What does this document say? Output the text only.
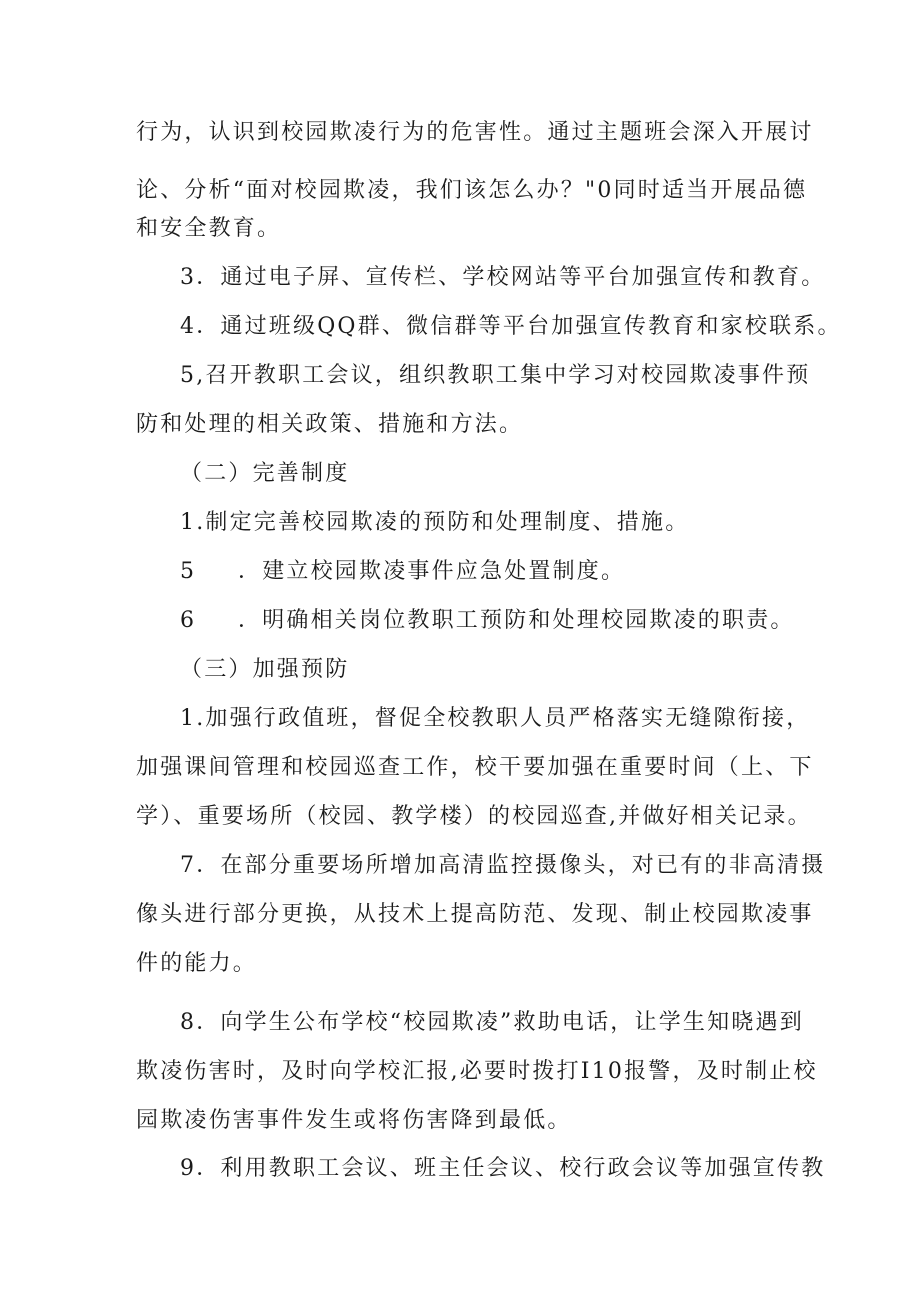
行为，认识到校园欺凌行为的危害性。通过主题班会深入开展讨
论、分析“面对校园欺凌，我们该怎么办？"0同时适当开展品德
和安全教育。
3．通过电子屏、宣传栏、学校网站等平台加强宣传和教育。
4．通过班级QQ群、微信群等平台加强宣传教育和家校联系。
5,召开教职工会议，组织教职工集中学习对校园欺凌事件预
防和处理的相关政策、措施和方法。
（二）完善制度
1.制定完善校园欺凌的预防和处理制度、措施。
5 ．建立校园欺凌事件应急处置制度。
6 ．明确相关岗位教职工预防和处理校园欺凌的职责。
（三）加强预防
1.加强行政值班，督促全校教职人员严格落实无缝隙衔接，
加强课间管理和校园巡查工作，校干要加强在重要时间（上、下
学）、重要场所（校园、教学楼）的校园巡查,并做好相关记录。
7．在部分重要场所增加高清监控摄像头，对已有的非高清摄
像头进行部分更换，从技术上提高防范、发现、制止校园欺凌事
件的能力。
8．向学生公布学校“校园欺凌”救助电话，让学生知晓遇到
欺凌伤害时，及时向学校汇报,必要时拨打I10报警，及时制止校
园欺凌伤害事件发生或将伤害降到最低。
9．利用教职工会议、班主任会议、校行政会议等加强宣传教
